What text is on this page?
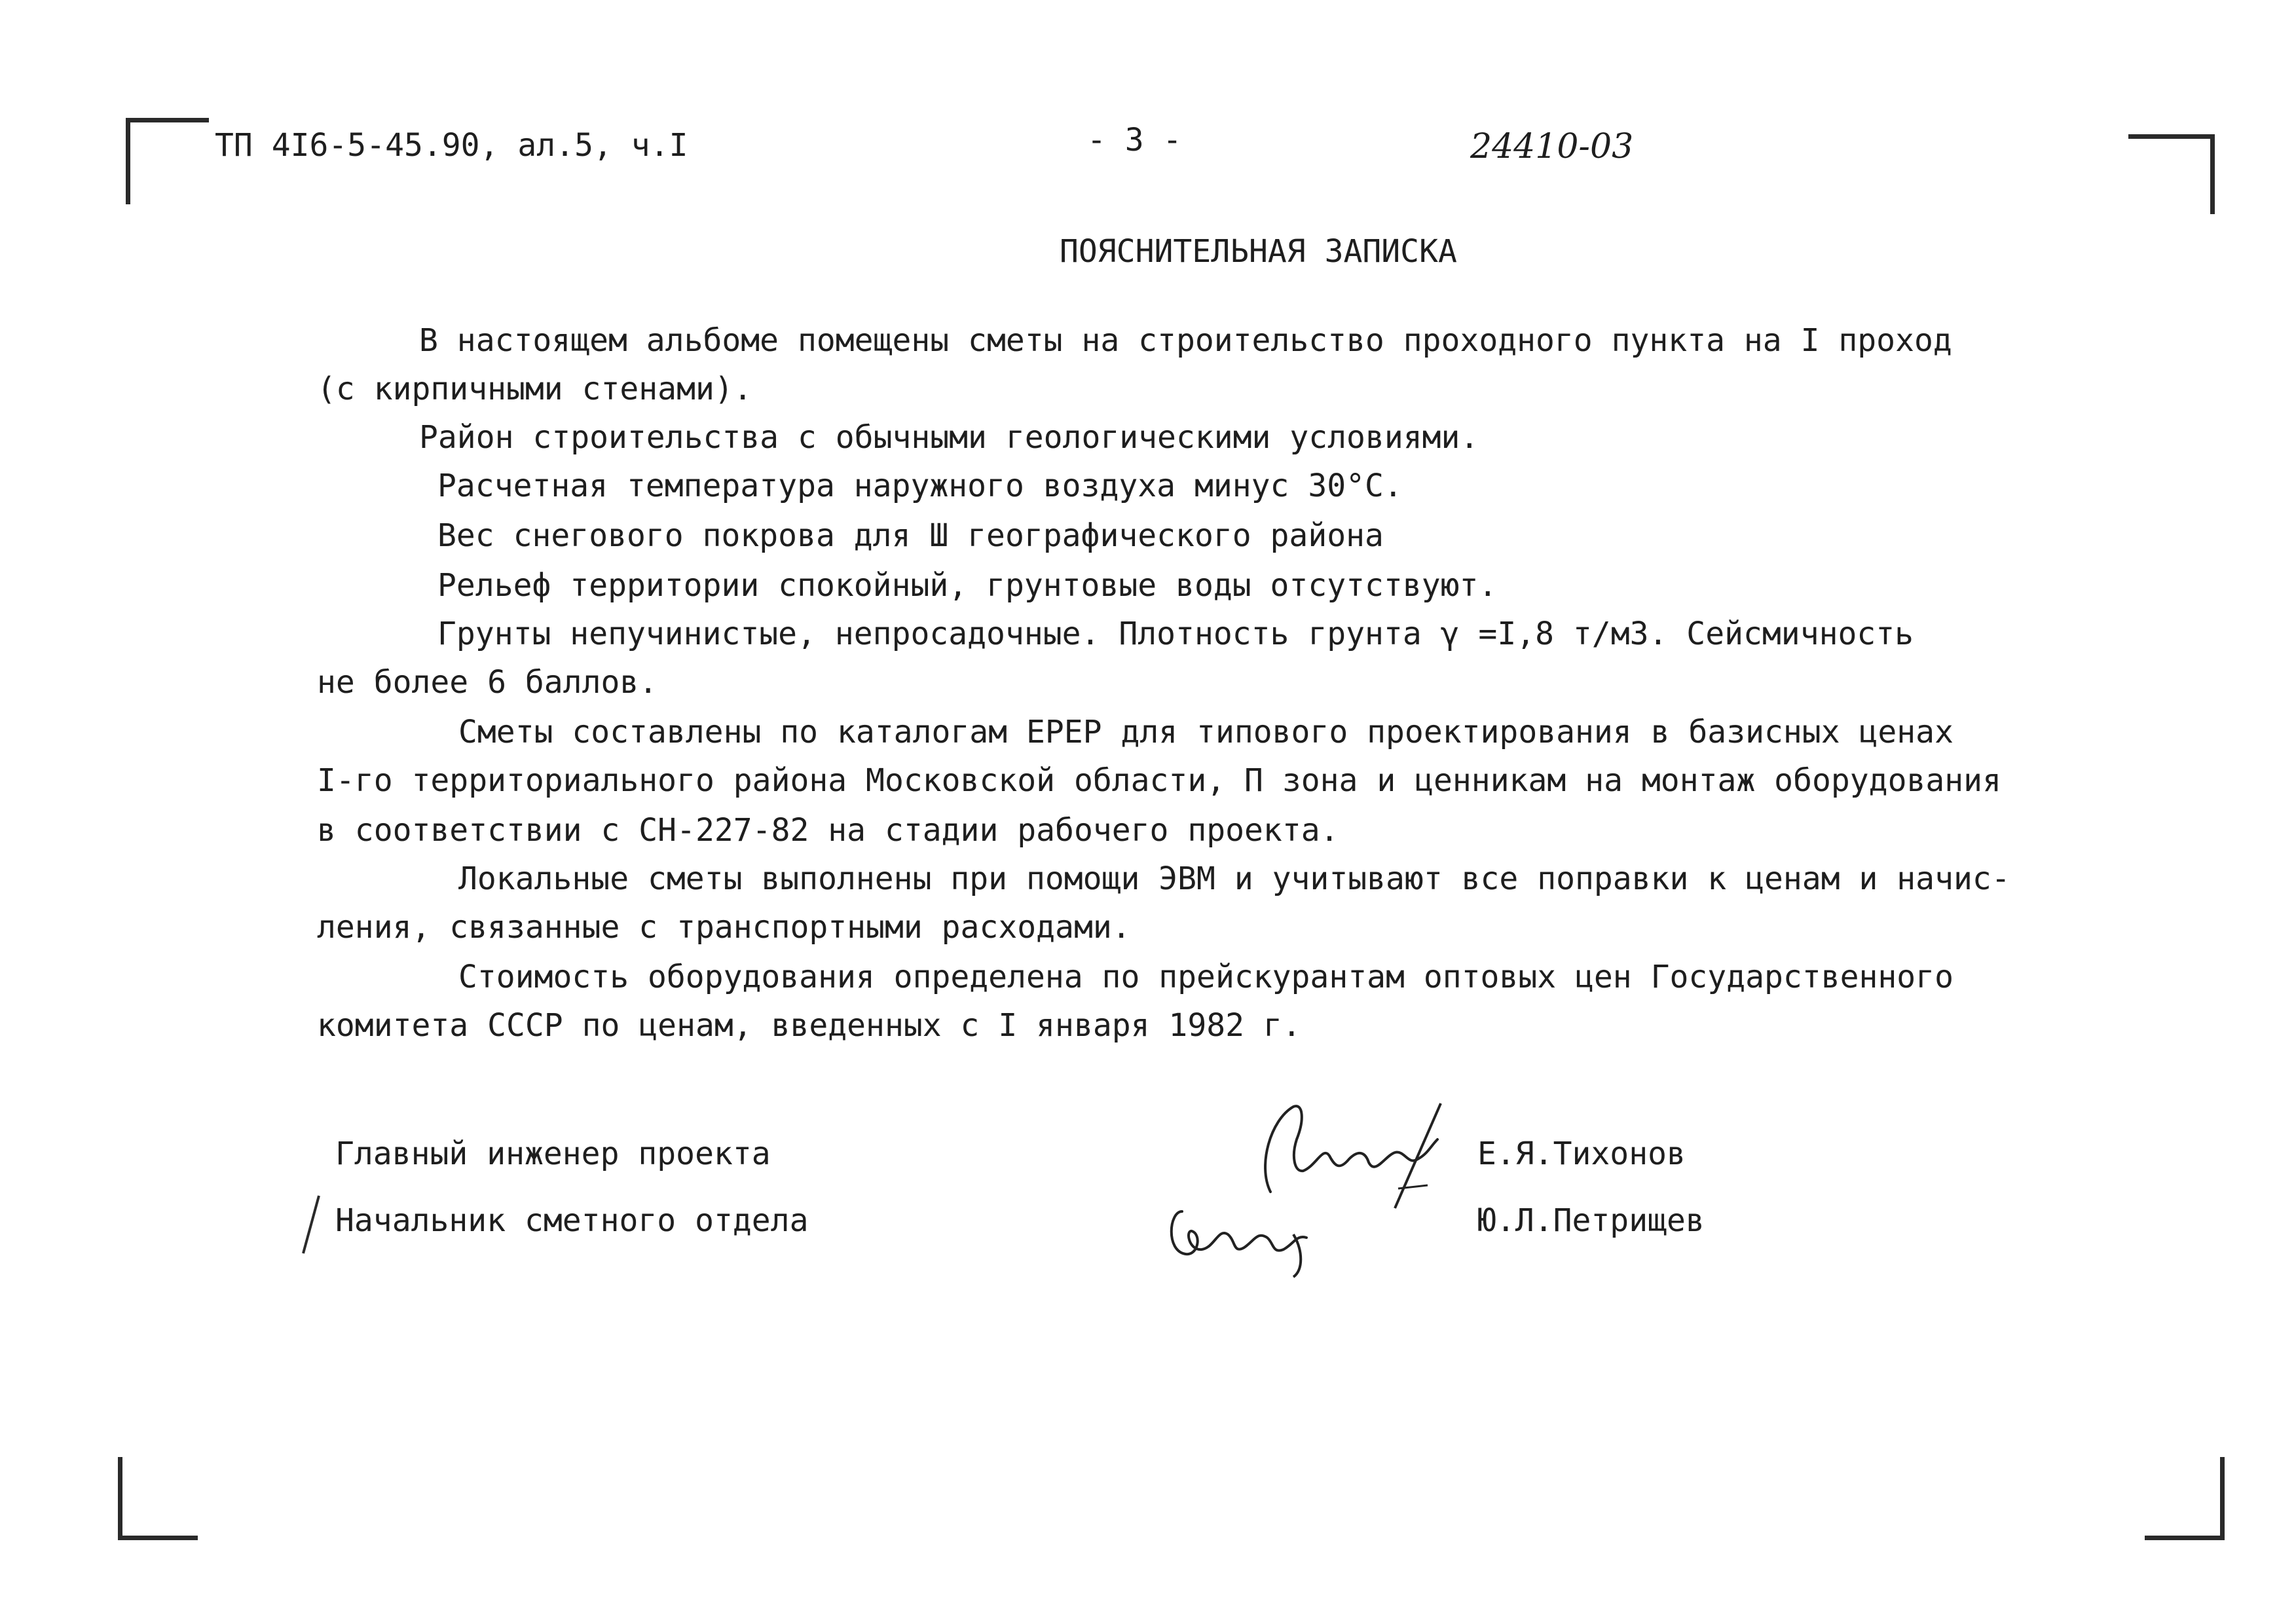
ТП 4І6-5-45.90, ал.5, ч.І	- 3 -	24410-03
ПОЯСНИТЕЛЬНАЯ ЗАПИСКА

В настоящем альбоме помещены сметы на строительство проходного пункта на I проход

(с кирпичными стенами).

Район строительства с обычными геологическими условиями.

Расчетная температура наружного воздуха минус 30°С.

Вес снегового покрова для Ш географического района

Рельеф территории спокойный, грунтовые воды отсутствуют.

Грунты непучинистые, непросадочные. Плотность грунта γ =І,8 т/мЗ. Сейсмичность

не более 6 баллов.

Сметы составлены по каталогам ЕРЕР для типового проектирования в базисных ценах

І-го территориального района Московской области, П зона и ценникам на монтаж оборудования

в соответствии с СН-227-82 на стадии рабочего проекта.

Локальные сметы выполнены при помощи ЭВМ и учитывают все поправки к ценам и начис-

ления, связанные с транспортными расходами.

Стоимость оборудования определена по прейскурантам оптовых цен Государственного

комитета СССР по ценам, введенных с І января 1982 г.

Главный инженер проекта	Е.Я.Тихонов
Начальник сметного отдела	Ю.Л.Петрищев
